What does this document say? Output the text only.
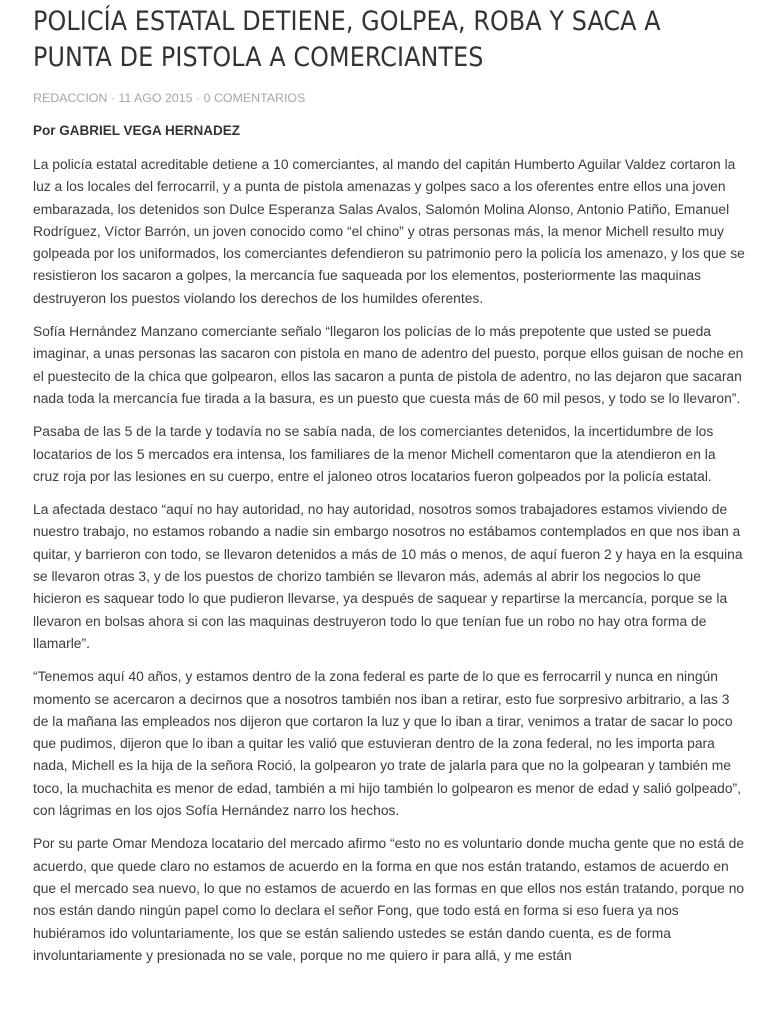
POLICÍA ESTATAL DETIENE, GOLPEA, ROBA Y SACA A PUNTA DE PISTOLA A COMERCIANTES
REDACCION · 11 AGO 2015 · 0 COMENTARIOS
Por GABRIEL VEGA HERNADEZ

La policía estatal acreditable detiene a 10 comerciantes, al mando del capitán Humberto Aguilar Valdez cortaron la luz a los locales del ferrocarril, y a punta de pistola amenazas y golpes saco a los oferentes entre ellos una joven embarazada, los detenidos son Dulce Esperanza Salas Avalos, Salomón Molina Alonso, Antonio Patiño, Emanuel Rodríguez, Víctor Barrón, un joven conocido como “el chino” y otras personas más, la menor Michell resulto muy golpeada por los uniformados, los comerciantes defendieron su patrimonio pero la policía los amenazo, y los que se resistieron los sacaron a golpes, la mercancía fue saqueada por los elementos, posteriormente las maquinas destruyeron los puestos violando los derechos de los humildes oferentes.

Sofía Hernández Manzano comerciante señalo “llegaron los policías de lo más prepotente que usted se pueda imaginar, a unas personas las sacaron con pistola en mano de adentro del puesto, porque ellos guisan de noche en el puestecito de la chica que golpearon, ellos las sacaron a punta de pistola de adentro, no las dejaron que sacaran nada toda la mercancía fue tirada a la basura, es un puesto que cuesta más de 60 mil pesos, y todo se lo llevaron”.

Pasaba de las 5 de la tarde y todavía no se sabía nada, de los comerciantes detenidos, la incertidumbre de los locatarios de los 5 mercados era intensa, los familiares de la menor Michell comentaron que la atendieron en la cruz roja por las lesiones en su cuerpo, entre el jaloneo otros locatarios fueron golpeados por la policía estatal.

La afectada destaco “aquí no hay autoridad, no hay autoridad, nosotros somos trabajadores estamos viviendo de nuestro trabajo, no estamos robando a nadie sin embargo nosotros no estábamos contemplados en que nos iban a quitar, y barrieron con todo, se llevaron detenidos a más de 10 más o menos, de aquí fueron 2 y haya en la esquina se llevaron otras 3, y de los puestos de chorizo también se llevaron más, además al abrir los negocios lo que hicieron es saquear todo lo que pudieron llevarse, ya después de saquear y repartirse la mercancía, porque se la llevaron en bolsas ahora si con las maquinas destruyeron todo lo que tenían fue un robo no hay otra forma de llamarle”.

“Tenemos aquí 40 años, y estamos dentro de la zona federal es parte de lo que es ferrocarril y nunca en ningún momento se acercaron a decirnos que a nosotros también nos iban a retirar, esto fue sorpresivo arbitrario, a las 3 de la mañana las empleados nos dijeron que cortaron la luz y que lo iban a tirar, venimos a tratar de sacar lo poco que pudimos, dijeron que lo iban a quitar les valió que estuvieran dentro de la zona federal, no les importa para nada, Michell es la hija de la señora Roció, la golpearon yo trate de jalarla para que no la golpearan y también me toco, la muchachita es menor de edad, también a mi hijo también lo golpearon es menor de edad y salió golpeado”, con lágrimas en los ojos Sofía Hernández narro los hechos.

Por su parte Omar Mendoza locatario del mercado afirmo “esto no es voluntario donde mucha gente que no está de acuerdo, que quede claro no estamos de acuerdo en la forma en que nos están tratando, estamos de acuerdo en que el mercado sea nuevo, lo que no estamos de acuerdo en las formas en que ellos nos están tratando, porque no nos están dando ningún papel como lo declara el señor Fong, que todo está en forma si eso fuera ya nos hubiéramos ido voluntariamente, los que se están saliendo ustedes se están dando cuenta, es de forma involuntariamente y presionada no se vale, porque no me quiero ir para allá, y me están
